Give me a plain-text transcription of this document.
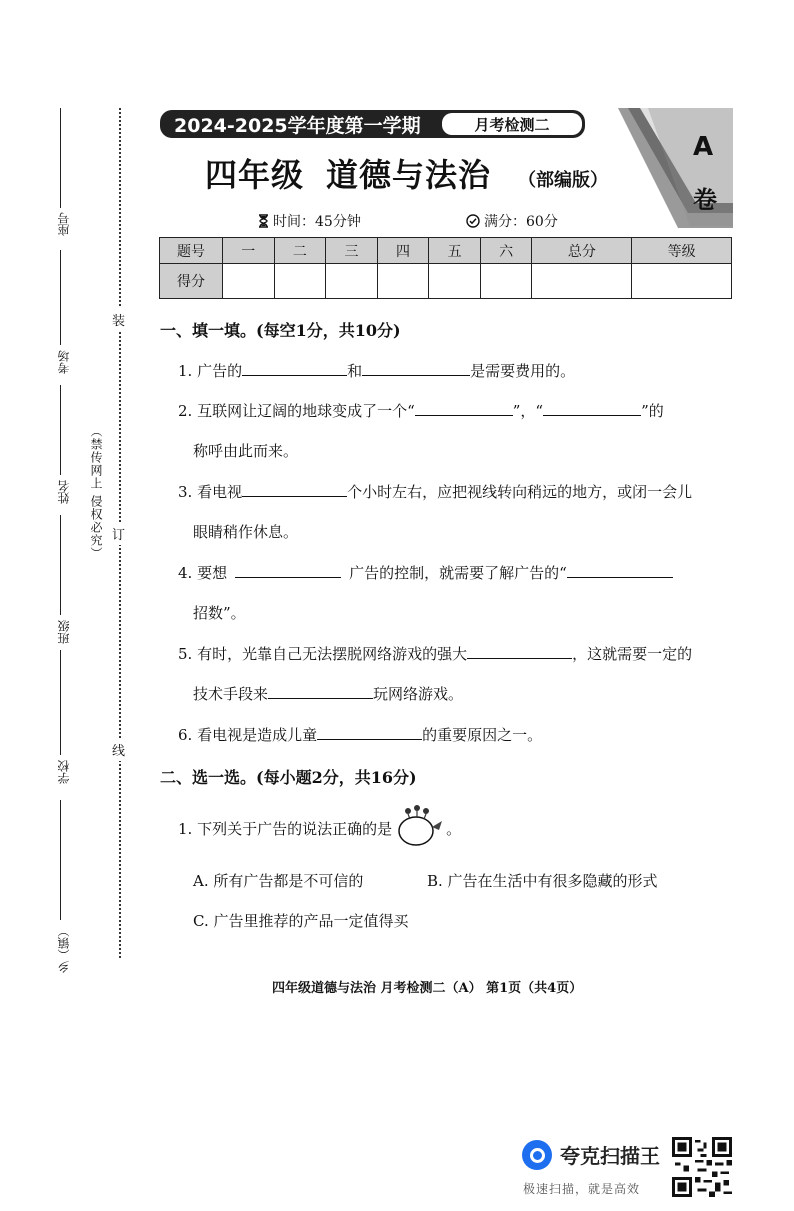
座号
考场
姓名
班级
学校
乡（镇）
装
订
线
（禁传网上 侵权必究）
2024-2025学年度第一学期	月考检测二
四年级 道德与法治 （部编版）
A
卷
时间：45分钟	满分：60分
题号	一	二	三	四	五	六	总分	等级
得分								
一、填一填。(每空1分，共10分)
1. 广告的	和	是需要费用的。
2. 互联网让辽阔的地球变成了一个“	”，“	”的
称呼由此而来。
3. 看电视	个小时左右，应把视线转向稍远的地方，或闭一会儿
眼睛稍作休息。
4. 要想	广告的控制，就需要了解广告的“
招数”。
5. 有时，光靠自己无法摆脱网络游戏的强大	，这就需要一定的
技术手段来	玩网络游戏。
6. 看电视是造成儿童	的重要原因之一。
二、选一选。(每小题2分，共16分)
1. 下列关于广告的说法正确的是	。
A. 所有广告都是不可信的	B. 广告在生活中有很多隐藏的形式
C. 广告里推荐的产品一定值得买
四年级道德与法治 月考检测二（A） 第1页（共4页）
夸克扫描王
极速扫描，就是高效
